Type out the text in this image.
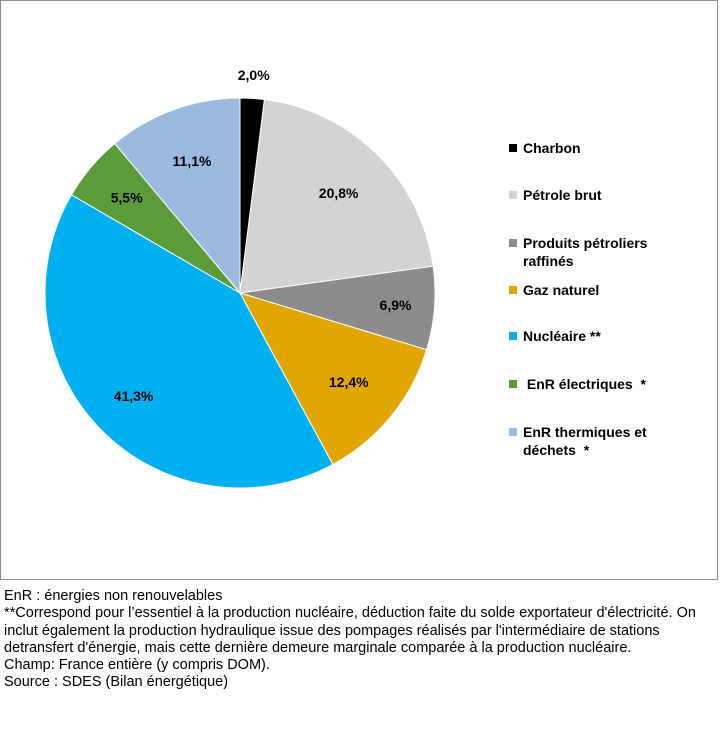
2,0%
20,8%
6,9%
12,4%
41,3%
5,5%
11,1%
Charbon
Pétrole brut
Produits pétroliers
raffinés
Gaz naturel
Nucléaire **
EnR électriques  *
EnR thermiques et
déchets  *

EnR : énergies non renouvelables

**Correspond pour l’essentiel à la production nucléaire, déduction faite du solde exportateur d'électricité. On inclut également la production hydraulique issue des pompages réalisés par l'intermédiaire de stations detransfert d'énergie, mais cette dernière demeure marginale comparée à la production nucléaire.

Champ: France entière (y compris DOM).

Source : SDES (Bilan énergétique)
